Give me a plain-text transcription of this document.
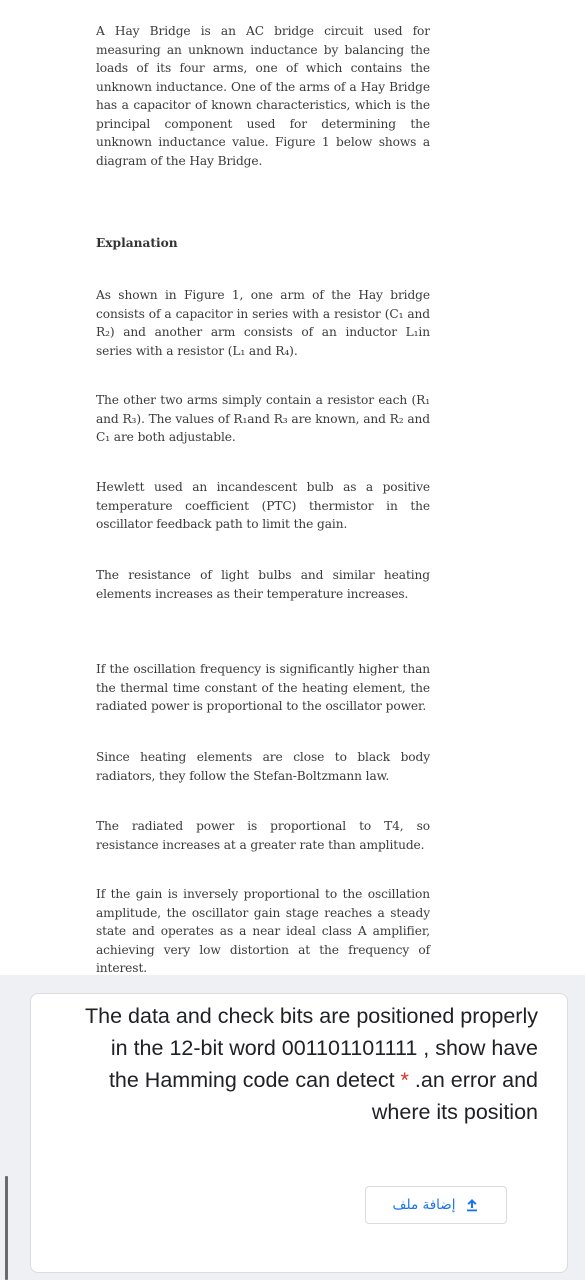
A Hay Bridge is an AC bridge circuit used for measuring an unknown inductance by balancing the loads of its four arms, one of which contains the unknown inductance. One of the arms of a Hay Bridge has a capacitor of known characteristics, which is the principal component used for determining the unknown inductance value. Figure 1 below shows a diagram of the Hay Bridge.

Explanation

As shown in Figure 1, one arm of the Hay bridge consists of a capacitor in series with a resistor (C₁ and R₂) and another arm consists of an inductor L₁in series with a resistor (L₁ and R₄).

The other two arms simply contain a resistor each (R₁ and R₃). The values of R₁and R₃ are known, and R₂ and C₁ are both adjustable.

Hewlett used an incandescent bulb as a positive temperature coefficient (PTC) thermistor in the oscillator feedback path to limit the gain.

The resistance of light bulbs and similar heating elements increases as their temperature increases.

If the oscillation frequency is significantly higher than the thermal time constant of the heating element, the radiated power is proportional to the oscillator power.

Since heating elements are close to black body radiators, they follow the Stefan-Boltzmann law.

The radiated power is proportional to T4, so resistance increases at a greater rate than amplitude.

If the gain is inversely proportional to the oscillation amplitude, the oscillator gain stage reaches a steady state and operates as a near ideal class A amplifier, achieving very low distortion at the frequency of interest.

The data and check bits are positioned properly in the 12-bit word 001101101111 , show have the Hamming code can detect * .an error and where its position

إضافة ملف
